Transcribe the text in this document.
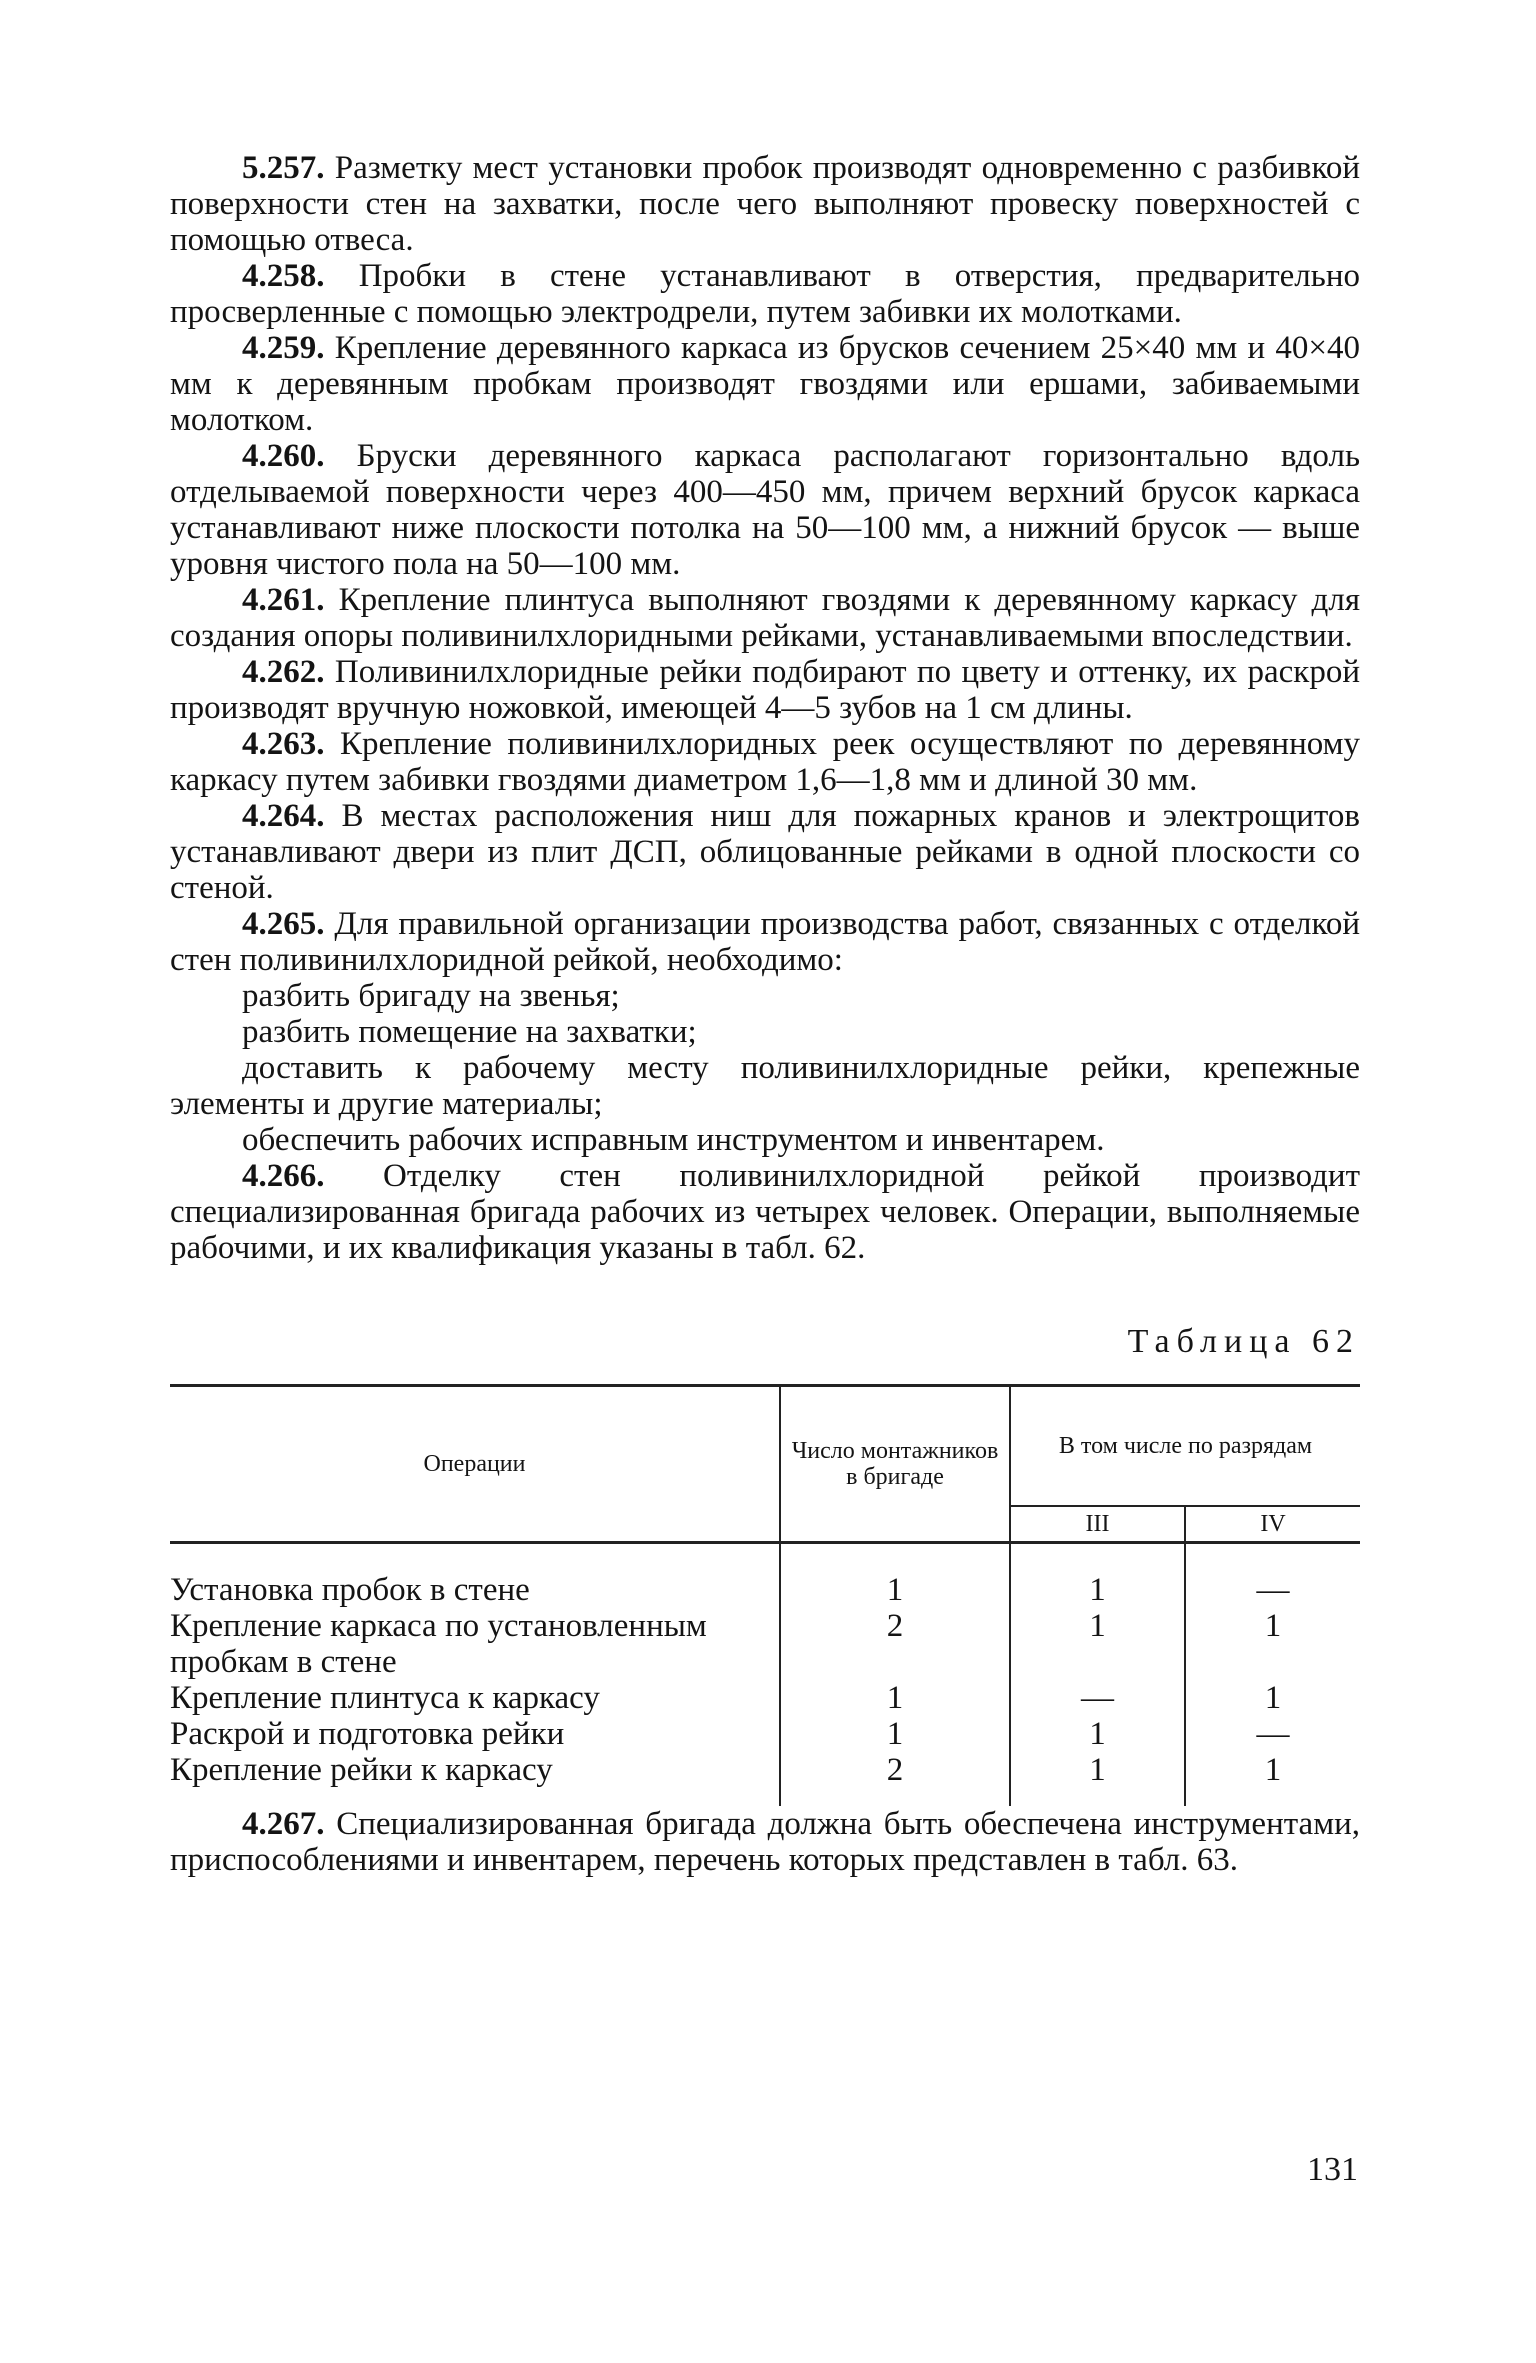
5.257. Разметку мест установки пробок производят одновременно с разбивкой поверхности стен на захватки, после чего выполняют провеску поверхностей с помощью отвеса.

4.258. Пробки в стене устанавливают в отверстия, предварительно просверленные с помощью электродрели, путем забивки их молотками.

4.259. Крепление деревянного каркаса из брусков сечением 25×40 мм и 40×40 мм к деревянным пробкам производят гвоздями или ершами, забиваемыми молотком.

4.260. Бруски деревянного каркаса располагают горизонтально вдоль отделываемой поверхности через 400—450 мм, причем верхний брусок каркаса устанавливают ниже плоскости потолка на 50—100 мм, а нижний брусок — выше уровня чистого пола на 50—100 мм.

4.261. Крепление плинтуса выполняют гвоздями к деревянному каркасу для создания опоры поливинилхлоридными рейками, устанавливаемыми впоследствии.

4.262. Поливинилхлоридные рейки подбирают по цвету и оттенку, их раскрой производят вручную ножовкой, имеющей 4—5 зубов на 1 см длины.

4.263. Крепление поливинилхлоридных реек осуществляют по деревянному каркасу путем забивки гвоздями диаметром 1,6—1,8 мм и длиной 30 мм.

4.264. В местах расположения ниш для пожарных кранов и электрощитов устанавливают двери из плит ДСП, облицованные рейками в одной плоскости со стеной.

4.265. Для правильной организации производства работ, связанных с отделкой стен поливинилхлоридной рейкой, необходимо:

разбить бригаду на звенья;

разбить помещение на захватки;

доставить к рабочему месту поливинилхлоридные рейки, крепежные элементы и другие материалы;

обеспечить рабочих исправным инструментом и инвентарем.

4.266. Отделку стен поливинилхлоридной рейкой производит специализированная бригада рабочих из четырех человек. Операции, выполняемые рабочими, и их квалификация указаны в табл. 62.

Таблица 62
Операции	Число монтажников в бригаде	В том числе по разрядам	
		III	IV
Установка пробок в стене	1	1	—
Крепление каркаса по установленным пробкам в стене	2	1	1
Крепление плинтуса к каркасу	1	—	1
Раскрой и подготовка рейки	1	1	—
Крепление рейки к каркасу	2	1	1

4.267. Специализированная бригада должна быть обеспечена инструментами, приспособлениями и инвентарем, перечень которых представлен в табл. 63.

131
